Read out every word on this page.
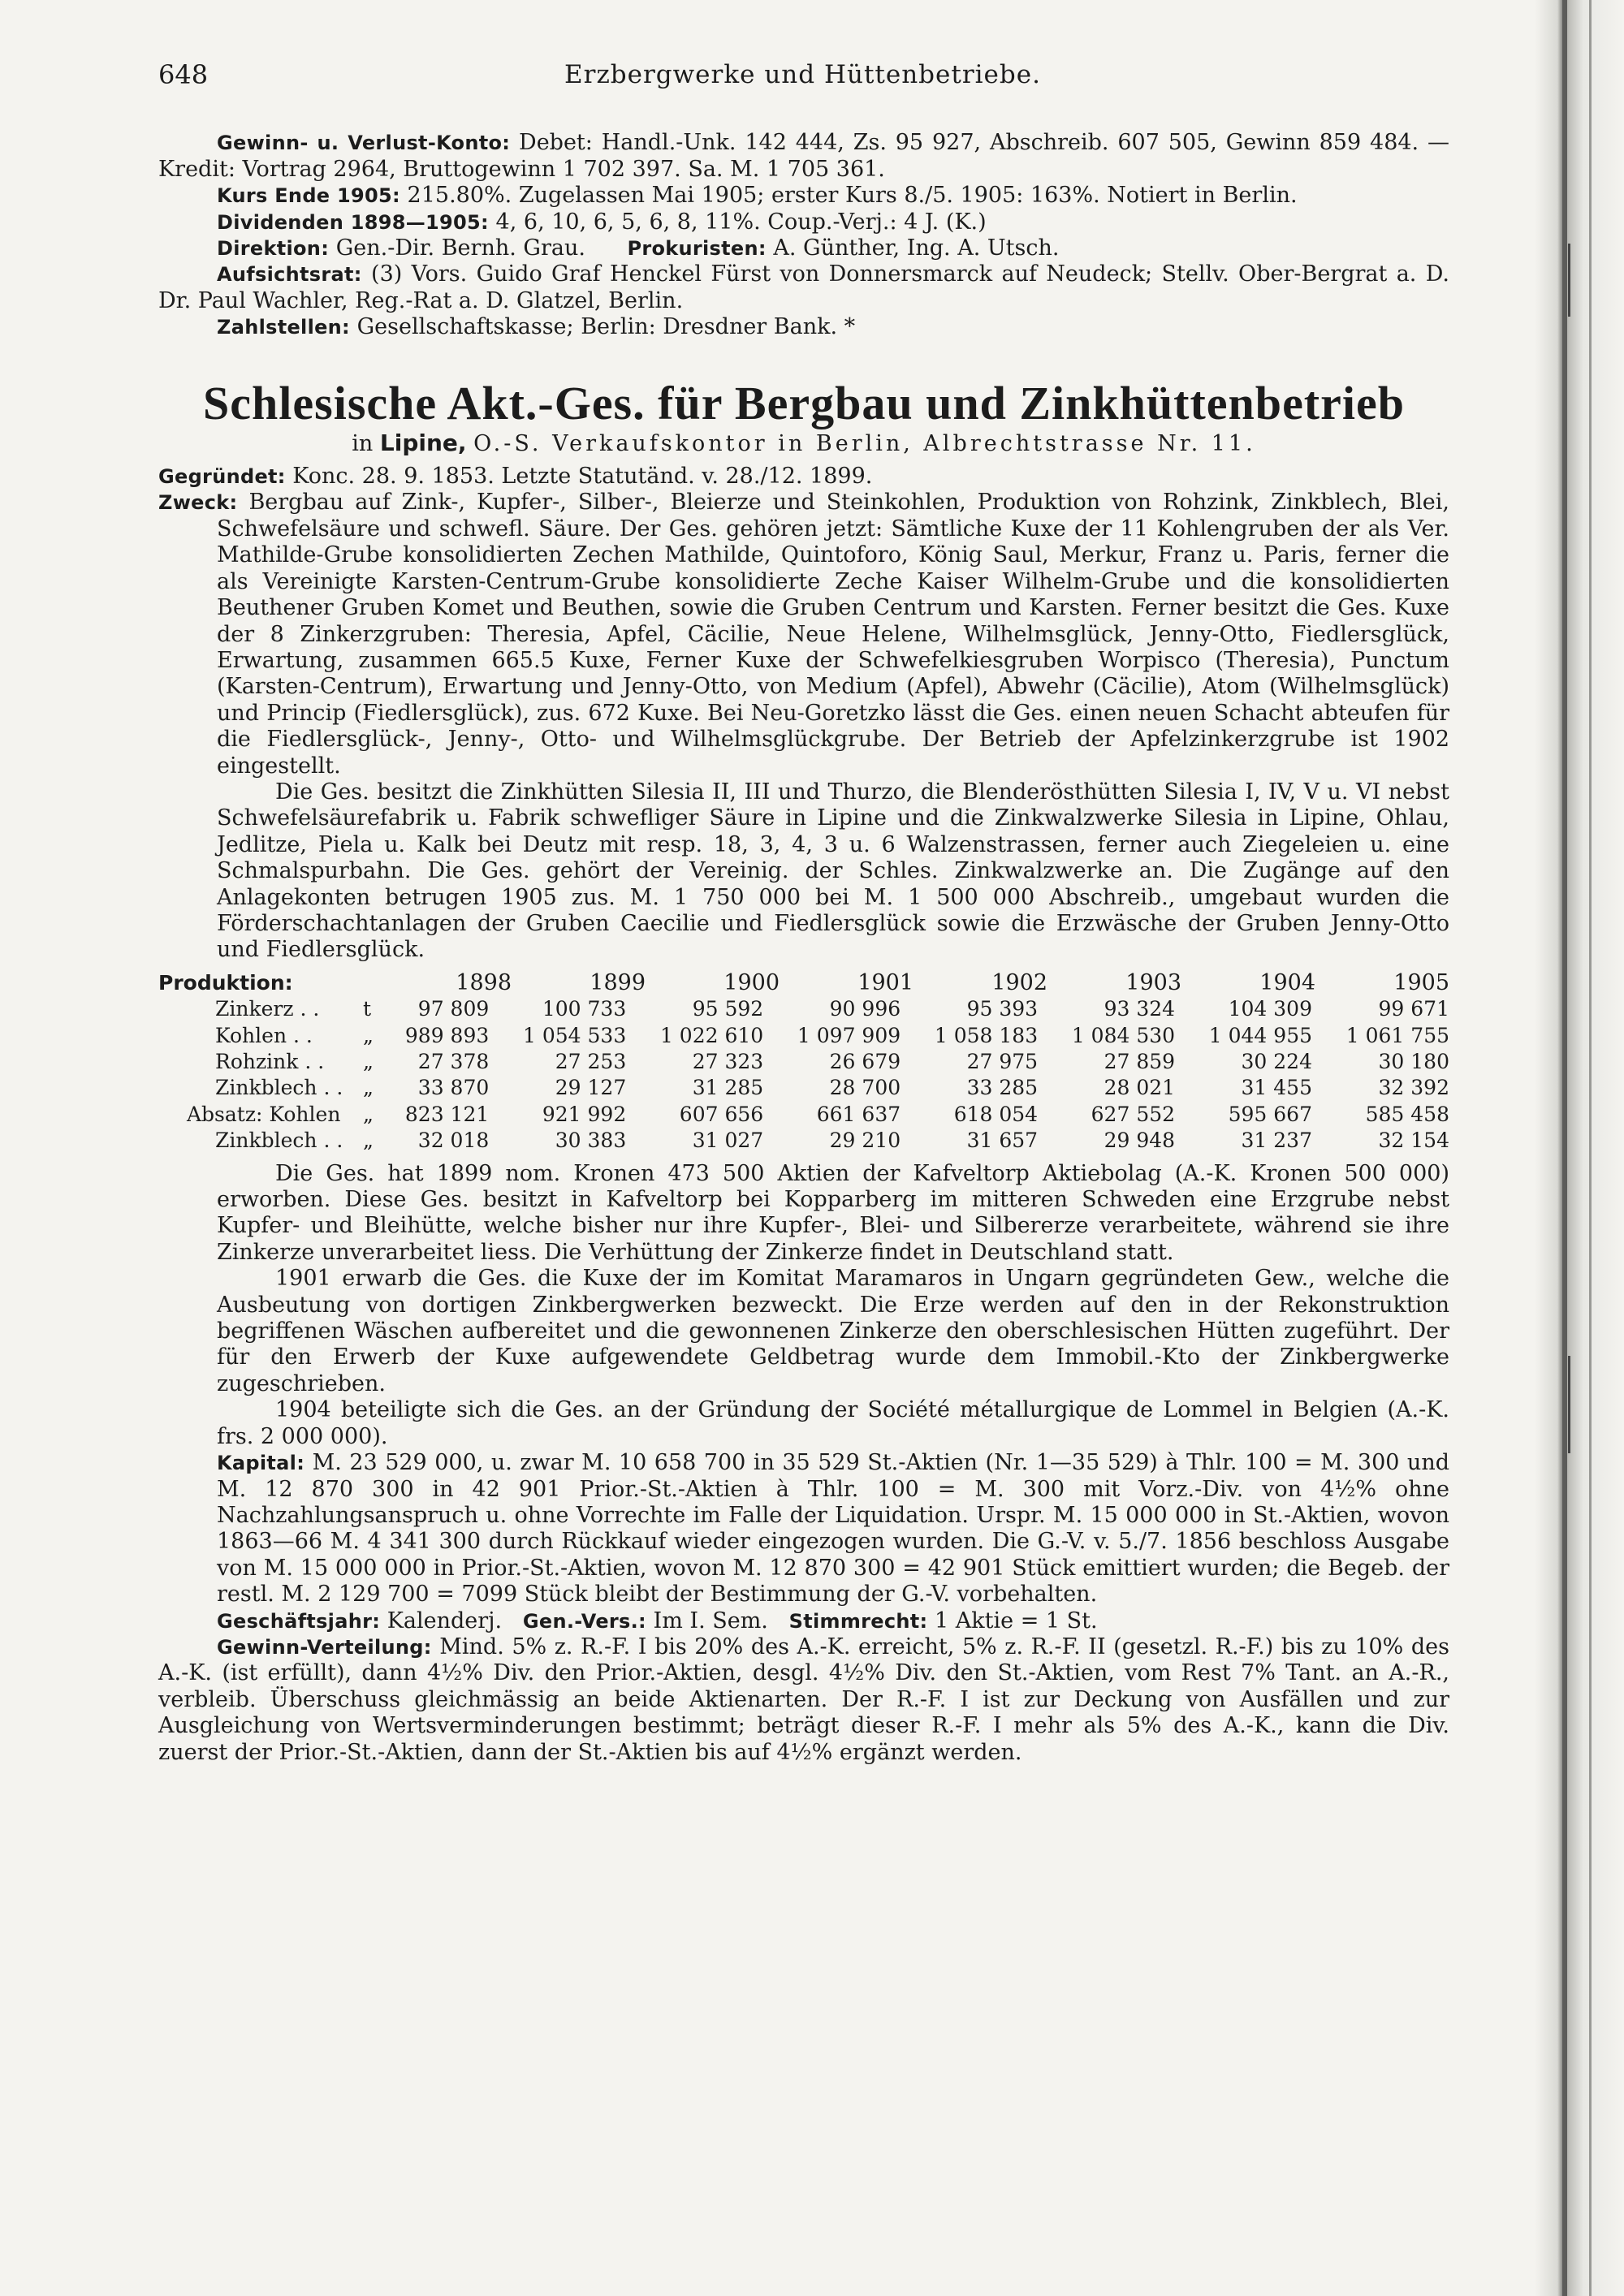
648	Erzbergwerke und Hüttenbetriebe.

Gewinn- u. Verlust-Konto: Debet: Handl.-Unk. 142 444, Zs. 95 927, Abschreib. 607 505, Gewinn 859 484. — Kredit: Vortrag 2964, Bruttogewinn 1 702 397. Sa. M. 1 705 361.

Kurs Ende 1905: 215.80%. Zugelassen Mai 1905; erster Kurs 8./5. 1905: 163%. Notiert in Berlin.

Dividenden 1898—1905: 4, 6, 10, 6, 5, 6, 8, 11%. Coup.-Verj.: 4 J. (K.)

Direktion: Gen.-Dir. Bernh. Grau. Prokuristen: A. Günther, Ing. A. Utsch.

Aufsichtsrat: (3) Vors. Guido Graf Henckel Fürst von Donnersmarck auf Neudeck; Stellv. Ober-Bergrat a. D. Dr. Paul Wachler, Reg.-Rat a. D. Glatzel, Berlin.

Zahlstellen: Gesellschaftskasse; Berlin: Dresdner Bank. *

Schlesische Akt.-Ges. für Bergbau und Zinkhüttenbetrieb
in Lipine, O.-S. Verkaufskontor in Berlin, Albrechtstrasse Nr. 11.

Gegründet: Konc. 28. 9. 1853. Letzte Statutänd. v. 28./12. 1899.

Zweck: Bergbau auf Zink-, Kupfer-, Silber-, Bleierze und Steinkohlen, Produktion von Rohzink, Zinkblech, Blei, Schwefelsäure und schwefl. Säure. Der Ges. gehören jetzt: Sämtliche Kuxe der 11 Kohlengruben der als Ver. Mathilde-Grube konsolidierten Zechen Mathilde, Quintoforo, König Saul, Merkur, Franz u. Paris, ferner die als Vereinigte Karsten-Centrum-Grube konsolidierte Zeche Kaiser Wilhelm-Grube und die konsolidierten Beuthener Gruben Komet und Beuthen, sowie die Gruben Centrum und Karsten. Ferner besitzt die Ges. Kuxe der 8 Zinkerzgruben: Theresia, Apfel, Cäcilie, Neue Helene, Wilhelmsglück, Jenny-Otto, Fiedlersglück, Erwartung, zusammen 665.5 Kuxe, Ferner Kuxe der Schwefelkiesgruben Worpisco (Theresia), Punctum (Karsten-Centrum), Erwartung und Jenny-Otto, von Medium (Apfel), Abwehr (Cäcilie), Atom (Wilhelmsglück) und Princip (Fiedlersglück), zus. 672 Kuxe. Bei Neu-Goretzko lässt die Ges. einen neuen Schacht abteufen für die Fiedlersglück-, Jenny-, Otto- und Wilhelmsglückgrube. Der Betrieb der Apfelzinkerzgrube ist 1902 eingestellt.

Die Ges. besitzt die Zinkhütten Silesia II, III und Thurzo, die Blenderösthütten Silesia I, IV, V u. VI nebst Schwefelsäurefabrik u. Fabrik schwefliger Säure in Lipine und die Zinkwalzwerke Silesia in Lipine, Ohlau, Jedlitze, Piela u. Kalk bei Deutz mit resp. 18, 3, 4, 3 u. 6 Walzenstrassen, ferner auch Ziegeleien u. eine Schmalspurbahn. Die Ges. gehört der Vereinig. der Schles. Zinkwalzwerke an. Die Zugänge auf den Anlagekonten betrugen 1905 zus. M. 1 750 000 bei M. 1 500 000 Abschreib., umgebaut wurden die Förderschachtanlagen der Gruben Caecilie und Fiedlersglück sowie die Erzwäsche der Gruben Jenny-Otto und Fiedlersglück.

Produktion:	1898	1899	1900	1901	1902	1903	1904	1905
Zinkerz . .	t	97 809	100 733	95 592	90 996	95 393	93 324	104 309	99 671
Kohlen . .	„	989 893	1 054 533	1 022 610	1 097 909	1 058 183	1 084 530	1 044 955	1 061 755
Rohzink . .	„	27 378	27 253	27 323	26 679	27 975	27 859	30 224	30 180
Zinkblech . .	„	33 870	29 127	31 285	28 700	33 285	28 021	31 455	32 392
Absatz: Kohlen	„	823 121	921 992	607 656	661 637	618 054	627 552	595 667	585 458
Zinkblech . .	„	32 018	30 383	31 027	29 210	31 657	29 948	31 237	32 154

Die Ges. hat 1899 nom. Kronen 473 500 Aktien der Kafveltorp Aktiebolag (A.-K. Kronen 500 000) erworben. Diese Ges. besitzt in Kafveltorp bei Kopparberg im mitteren Schweden eine Erzgrube nebst Kupfer- und Bleihütte, welche bisher nur ihre Kupfer-, Blei- und Silbererze verarbeitete, während sie ihre Zinkerze unverarbeitet liess. Die Verhüttung der Zinkerze findet in Deutschland statt.

1901 erwarb die Ges. die Kuxe der im Komitat Maramaros in Ungarn gegründeten Gew., welche die Ausbeutung von dortigen Zinkbergwerken bezweckt. Die Erze werden auf den in der Rekonstruktion begriffenen Wäschen aufbereitet und die gewonnenen Zinkerze den oberschlesischen Hütten zugeführt. Der für den Erwerb der Kuxe aufgewendete Geldbetrag wurde dem Immobil.-Kto der Zinkbergwerke zugeschrieben.

1904 beteiligte sich die Ges. an der Gründung der Société métallurgique de Lommel in Belgien (A.-K. frs. 2 000 000).

Kapital: M. 23 529 000, u. zwar M. 10 658 700 in 35 529 St.-Aktien (Nr. 1—35 529) à Thlr. 100 = M. 300 und M. 12 870 300 in 42 901 Prior.-St.-Aktien à Thlr. 100 = M. 300 mit Vorz.-Div. von 4½% ohne Nachzahlungsanspruch u. ohne Vorrechte im Falle der Liquidation. Urspr. M. 15 000 000 in St.-Aktien, wovon 1863—66 M. 4 341 300 durch Rückkauf wieder eingezogen wurden. Die G.-V. v. 5./7. 1856 beschloss Ausgabe von M. 15 000 000 in Prior.-St.-Aktien, wovon M. 12 870 300 = 42 901 Stück emittiert wurden; die Begeb. der restl. M. 2 129 700 = 7099 Stück bleibt der Bestimmung der G.-V. vorbehalten.

Geschäftsjahr: Kalenderj. Gen.-Vers.: Im I. Sem. Stimmrecht: 1 Aktie = 1 St.

Gewinn-Verteilung: Mind. 5% z. R.-F. I bis 20% des A.-K. erreicht, 5% z. R.-F. II (gesetzl. R.-F.) bis zu 10% des A.-K. (ist erfüllt), dann 4½% Div. den Prior.-Aktien, desgl. 4½% Div. den St.-Aktien, vom Rest 7% Tant. an A.-R., verbleib. Überschuss gleichmässig an beide Aktienarten. Der R.-F. I ist zur Deckung von Ausfällen und zur Ausgleichung von Wertsverminderungen bestimmt; beträgt dieser R.-F. I mehr als 5% des A.-K., kann die Div. zuerst der Prior.-St.-Aktien, dann der St.-Aktien bis auf 4½% ergänzt werden.
